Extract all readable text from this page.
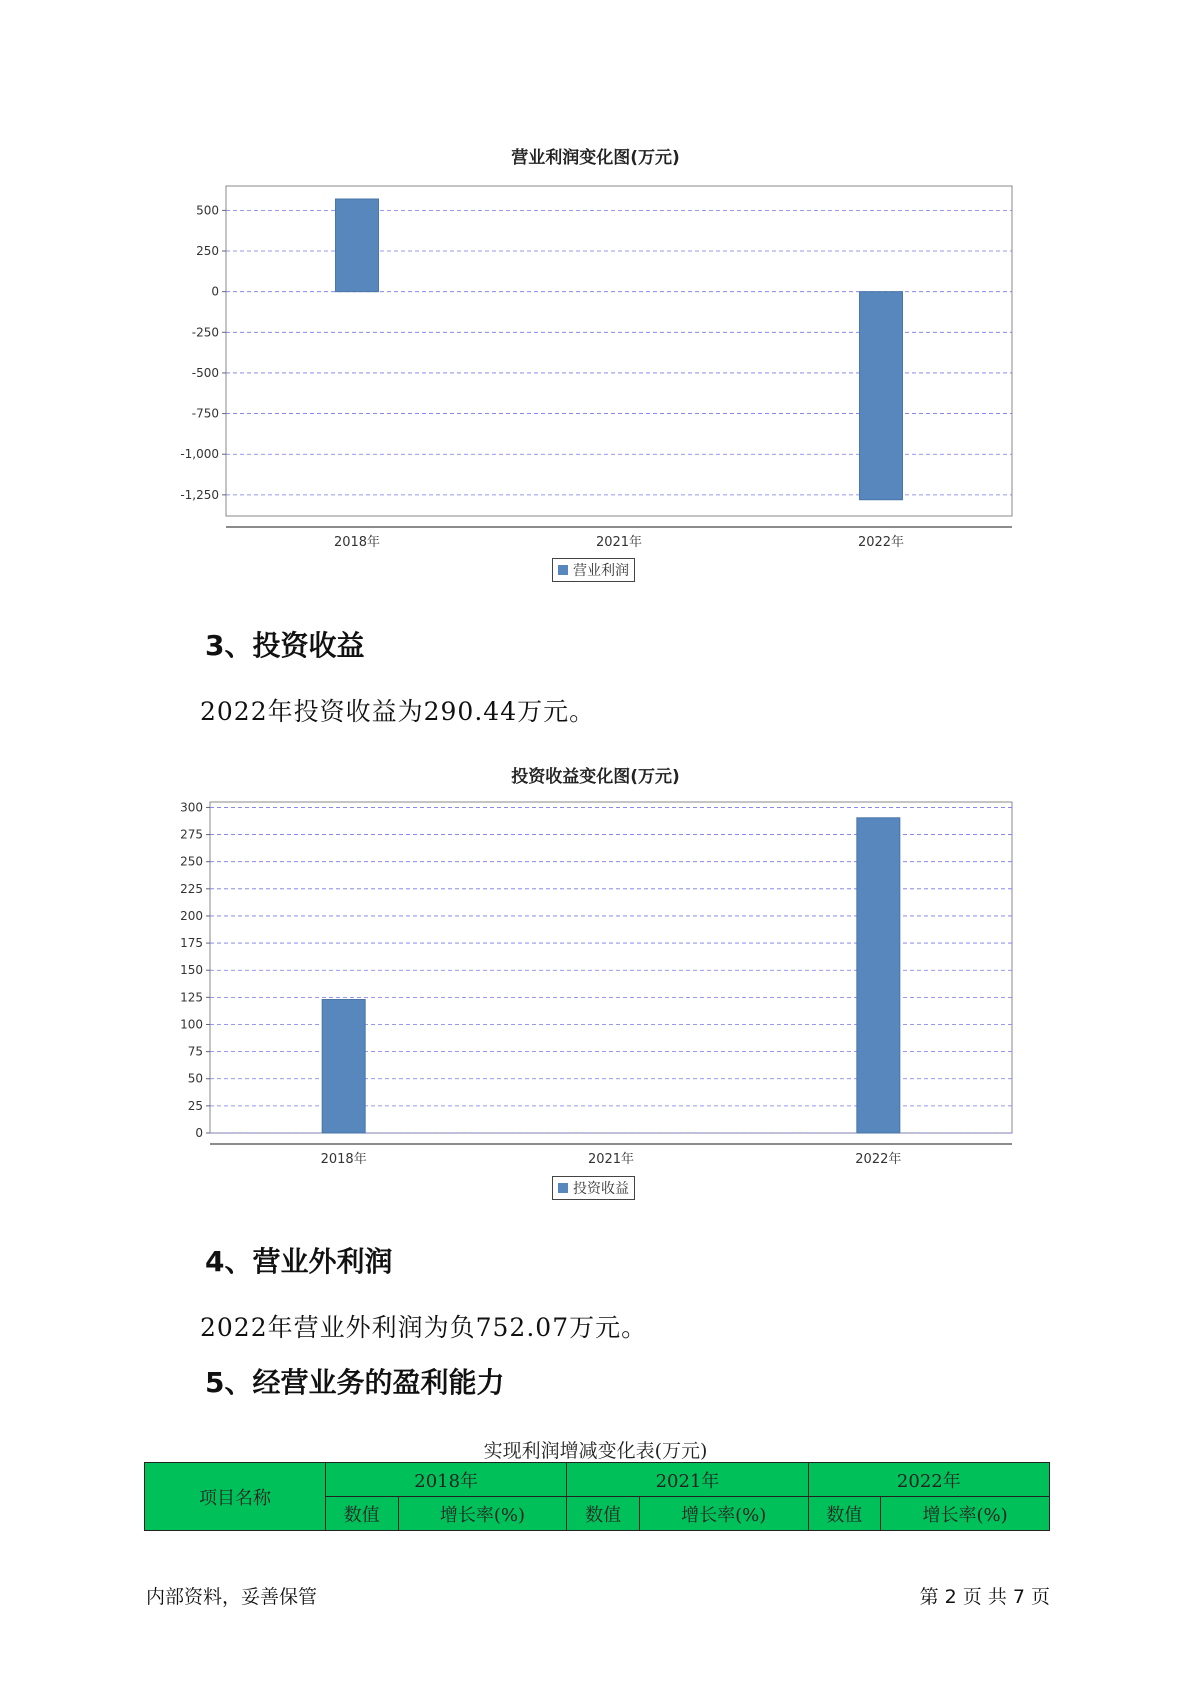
营业利润变化图(万元)
500
250
0
-250
-500
-750
-1,000
-1,250
2018年	2021年	2022年
营业利润
3、投资收益

2022年投资收益为290.44万元。

投资收益变化图(万元)
300
275
250
225
200
175
150
125
100
75
50
25
0
2018年	2021年	2022年
投资收益
4、营业外利润

2022年营业外利润为负752.07万元。

5、经营业务的盈利能力
实现利润增减变化表(万元)
项目名称	2018年		2021年		2022年	
	数值	增长率(%)	数值	增长率(%)	数值	增长率(%)
内部资料，妥善保管	第 2 页 共 7 页
